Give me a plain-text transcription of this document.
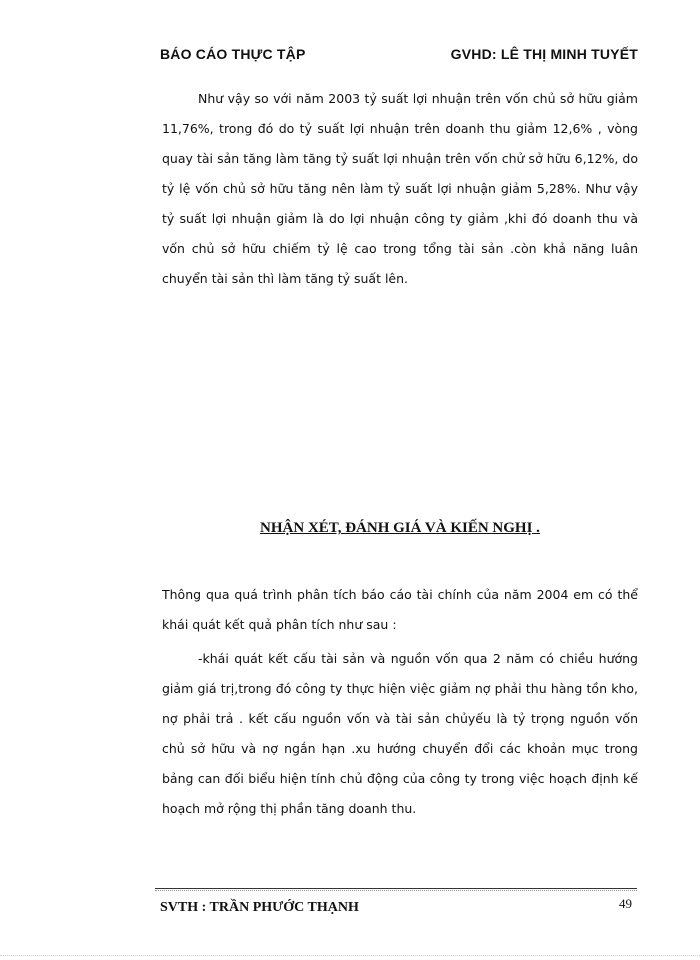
BÁO CÁO THỰC TẬP	GVHD: LÊ THỊ MINH TUYẾT

Như vậy so với năm 2003 tỷ suất lợi nhuận trên vốn chủ sở hữu giảm 11,76%, trong đó do tỷ suất lợi nhuận trên doanh thu giảm 12,6% , vòng quay tài sản tăng làm tăng tỷ suất lợi nhuận trên vốn chử sở hữu 6,12%, do tỷ lệ vốn chủ sở hữu tăng nên làm tỷ suất lợi nhuận giảm 5,28%. Như vậy tỷ suất lợi nhuận giảm là do lợi nhuận công ty giảm ,khi đó doanh thu và vốn chủ sở hữu chiếm tỷ lệ cao trong tổng tài sản .còn khả năng luân chuyển tài sản thì làm tăng tỷ suất lên.

NHẬN XÉT, ĐÁNH GIÁ VÀ KIẾN NGHỊ .

Thông qua quá trình phân tích báo cáo tài chính của năm 2004 em có thể khái quát kết quả phân tích như sau :

-khái quát kết cấu tài sản và nguồn vốn qua 2 năm có chiều hướng giảm giá trị,trong đó công ty thực hiện việc giảm nợ phải thu hàng tồn kho, nợ phải trả . kết cấu nguồn vốn và tài sản chủyếu là tỷ trọng nguồn vốn chủ sở hữu và nợ ngắn hạn .xu hướng chuyển đổi các khoản mục trong bảng can đối biểu hiện tính chủ động của công ty trong việc hoạch định kế hoạch mở rộng thị phần tăng doanh thu.

SVTH : TRẦN PHƯỚC THẠNH	49
